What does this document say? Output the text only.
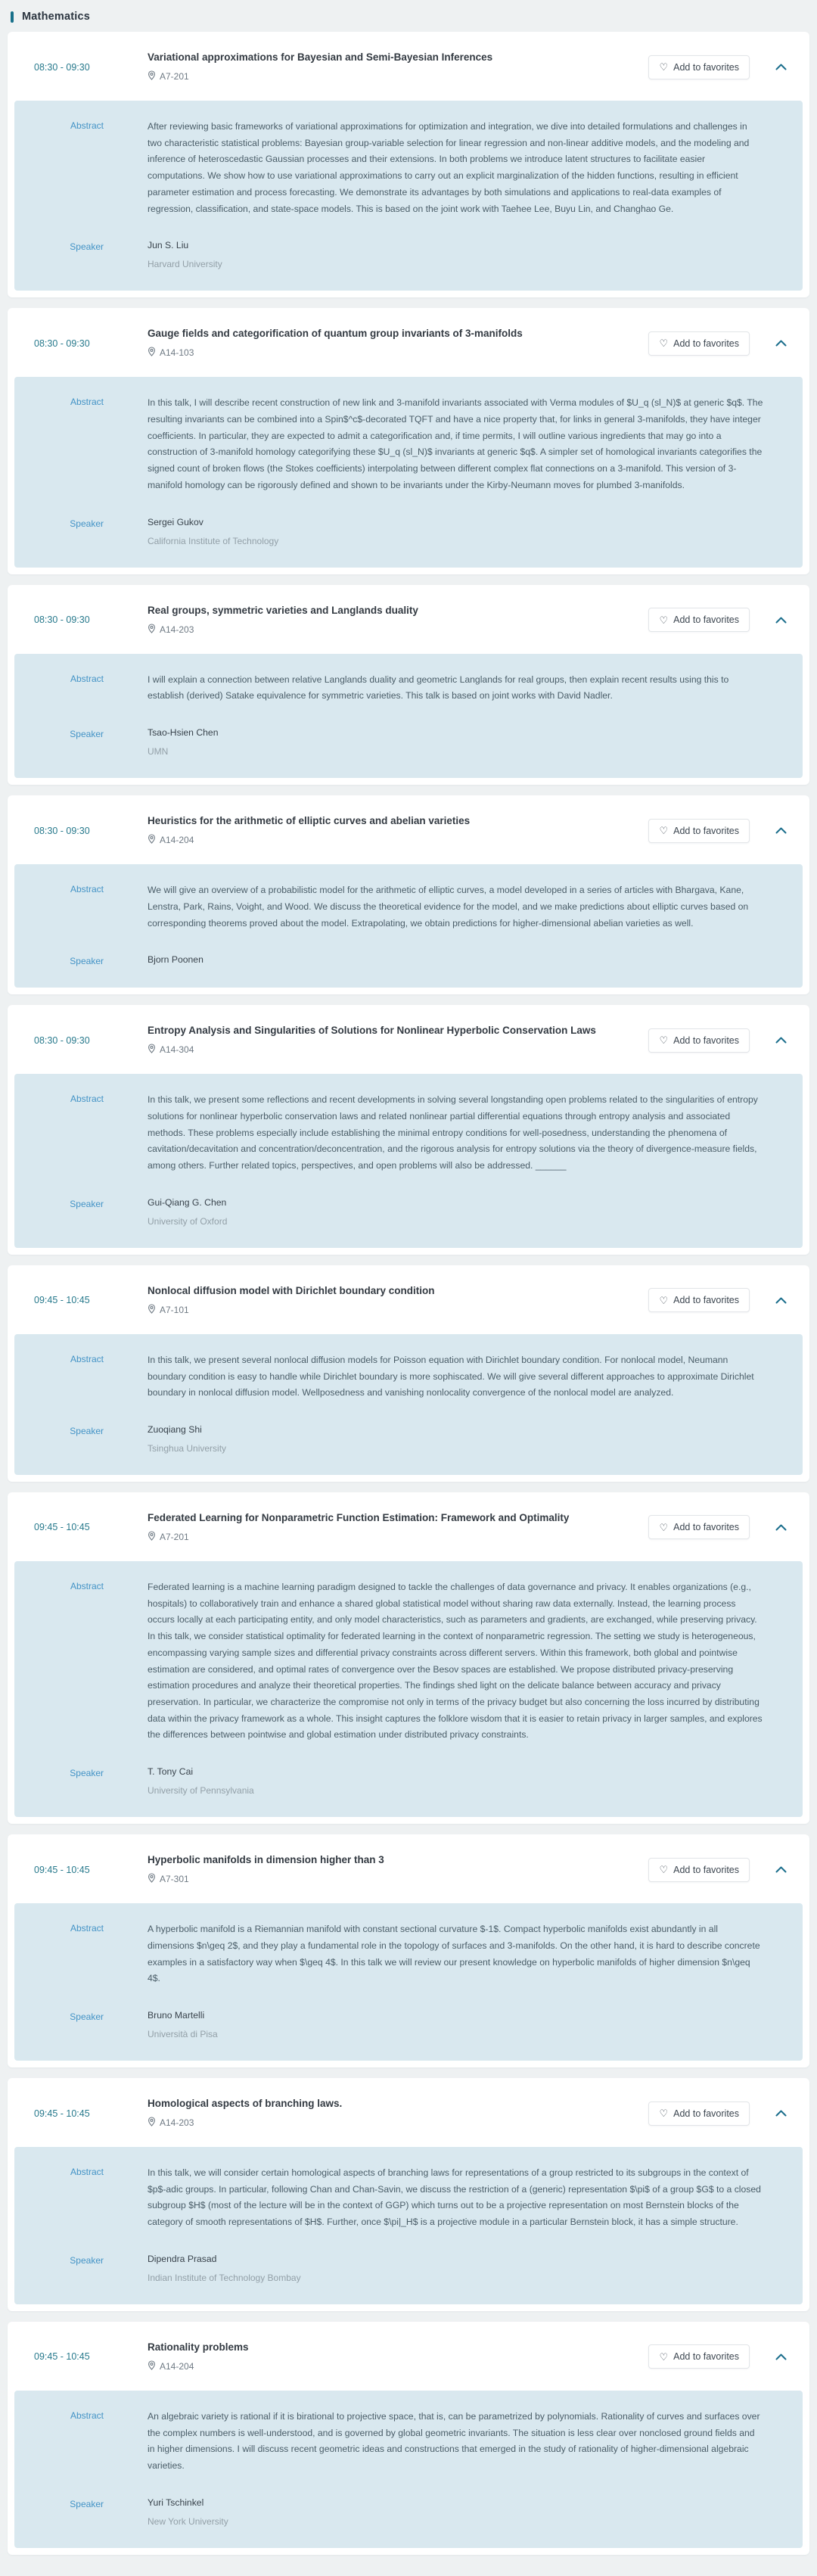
Mathematics
08:30 - 09:30
Variational approximations for Bayesian and Semi-Bayesian Inferences
A7-201
♡ Add to favorites
Abstract	After reviewing basic frameworks of variational approximations for optimization and integration, we dive into detailed formulations and challenges in two characteristic statistical problems: Bayesian group-variable selection for linear regression and non-linear additive models, and the modeling and inference of heteroscedastic Gaussian processes and their extensions. In both problems we introduce latent structures to facilitate easier computations. We show how to use variational approximations to carry out an explicit marginalization of the hidden functions, resulting in efficient parameter estimation and process forecasting. We demonstrate its advantages by both simulations and applications to real-data examples of regression, classification, and state-space models. This is based on the joint work with Taehee Lee, Buyu Lin, and Changhao Ge.
Speaker	Jun S. Liu
Harvard University
08:30 - 09:30
Gauge fields and categorification of quantum group invariants of 3-manifolds
A14-103
♡ Add to favorites
Abstract	In this talk, I will describe recent construction of new link and 3-manifold invariants associated with Verma modules of $U_q (sl_N)$ at generic $q$. The resulting invariants can be combined into a Spin$^c$-decorated TQFT and have a nice property that, for links in general 3-manifolds, they have integer coefficients. In particular, they are expected to admit a categorification and, if time permits, I will outline various ingredients that may go into a construction of 3-manifold homology categorifying these $U_q (sl_N)$ invariants at generic $q$. A simpler set of homological invariants categorifies the signed count of broken flows (the Stokes coefficients) interpolating between different complex flat connections on a 3-manifold. This version of 3-manifold homology can be rigorously defined and shown to be invariants under the Kirby-Neumann moves for plumbed 3-manifolds.
Speaker	Sergei Gukov
California Institute of Technology
08:30 - 09:30
Real groups, symmetric varieties and Langlands duality
A14-203
♡ Add to favorites
Abstract	I will explain a connection between relative Langlands duality and geometric Langlands for real groups, then explain recent results using this to establish (derived) Satake equivalence for symmetric varieties. This talk is based on joint works with David Nadler.
Speaker	Tsao-Hsien Chen
UMN
08:30 - 09:30
Heuristics for the arithmetic of elliptic curves and abelian varieties
A14-204
♡ Add to favorites
Abstract	We will give an overview of a probabilistic model for the arithmetic of elliptic curves, a model developed in a series of articles with Bhargava, Kane, Lenstra, Park, Rains, Voight, and Wood. We discuss the theoretical evidence for the model, and we make predictions about elliptic curves based on corresponding theorems proved about the model. Extrapolating, we obtain predictions for higher-dimensional abelian varieties as well.
Speaker	Bjorn Poonen
08:30 - 09:30
Entropy Analysis and Singularities of Solutions for Nonlinear Hyperbolic Conservation Laws
A14-304
♡ Add to favorites
Abstract	In this talk, we present some reflections and recent developments in solving several longstanding open problems related to the singularities of entropy solutions for nonlinear hyperbolic conservation laws and related nonlinear partial differential equations through entropy analysis and associated methods. These problems especially include establishing the minimal entropy conditions for well-posedness, understanding the phenomena of cavitation/decavitation and concentration/deconcentration, and the rigorous analysis for entropy solutions via the theory of divergence-measure fields, among others. Further related topics, perspectives, and open problems will also be addressed. ______
Speaker	Gui-Qiang G. Chen
University of Oxford
09:45 - 10:45
Nonlocal diffusion model with Dirichlet boundary condition
A7-101
♡ Add to favorites
Abstract	In this talk, we present several nonlocal diffusion models for Poisson equation with Dirichlet boundary condition. For nonlocal model, Neumann boundary condition is easy to handle while Dirichlet boundary is more sophiscated. We will give several different approaches to approximate Dirichlet boundary in nonlocal diffusion model. Wellposedness and vanishing nonlocality convergence of the nonlocal model are analyzed.
Speaker	Zuoqiang Shi
Tsinghua University
09:45 - 10:45
Federated Learning for Nonparametric Function Estimation: Framework and Optimality
A7-201
♡ Add to favorites
Abstract	Federated learning is a machine learning paradigm designed to tackle the challenges of data governance and privacy. It enables organizations (e.g., hospitals) to collaboratively train and enhance a shared global statistical model without sharing raw data externally. Instead, the learning process occurs locally at each participating entity, and only model characteristics, such as parameters and gradients, are exchanged, while preserving privacy. In this talk, we consider statistical optimality for federated learning in the context of nonparametric regression. The setting we study is heterogeneous, encompassing varying sample sizes and differential privacy constraints across different servers. Within this framework, both global and pointwise estimation are considered, and optimal rates of convergence over the Besov spaces are established. We propose distributed privacy-preserving estimation procedures and analyze their theoretical properties. The findings shed light on the delicate balance between accuracy and privacy preservation. In particular, we characterize the compromise not only in terms of the privacy budget but also concerning the loss incurred by distributing data within the privacy framework as a whole. This insight captures the folklore wisdom that it is easier to retain privacy in larger samples, and explores the differences between pointwise and global estimation under distributed privacy constraints.
Speaker	T. Tony Cai
University of Pennsylvania
09:45 - 10:45
Hyperbolic manifolds in dimension higher than 3
A7-301
♡ Add to favorites
Abstract	A hyperbolic manifold is a Riemannian manifold with constant sectional curvature $-1$. Compact hyperbolic manifolds exist abundantly in all dimensions $n\geq 2$, and they play a fundamental role in the topology of surfaces and 3-manifolds. On the other hand, it is hard to describe concrete examples in a satisfactory way when $\geq 4$. In this talk we will review our present knowledge on hyperbolic manifolds of higher dimension $n\geq 4$.
Speaker	Bruno Martelli
Università di Pisa
09:45 - 10:45
Homological aspects of branching laws.
A14-203
♡ Add to favorites
Abstract	In this talk, we will consider certain homological aspects of branching laws for representations of a group restricted to its subgroups in the context of $p$-adic groups. In particular, following Chan and Chan-Savin, we discuss the restriction of a (generic) representation $\pi$ of a group $G$ to a closed subgroup $H$ (most of the lecture will be in the context of GGP) which turns out to be a projective representation on most Bernstein blocks of the category of smooth representations of $H$. Further, once $\pi|_H$ is a projective module in a particular Bernstein block, it has a simple structure.
Speaker	Dipendra Prasad
Indian Institute of Technology Bombay
09:45 - 10:45
Rationality problems
A14-204
♡ Add to favorites
Abstract	An algebraic variety is rational if it is birational to projective space, that is, can be parametrized by polynomials. Rationality of curves and surfaces over the complex numbers is well-understood, and is governed by global geometric invariants. The situation is less clear over nonclosed ground fields and in higher dimensions. I will discuss recent geometric ideas and constructions that emerged in the study of rationality of higher-dimensional algebraic varieties.
Speaker	Yuri Tschinkel
New York University
